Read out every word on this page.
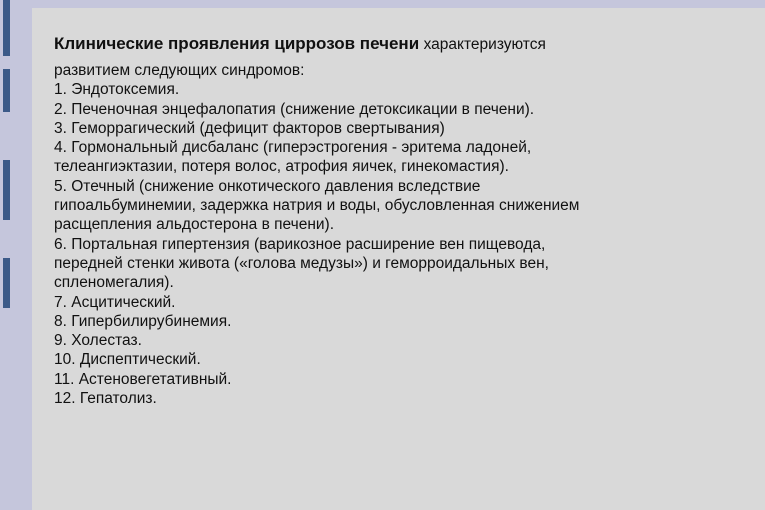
Клинические проявления циррозов печени характеризуются

развитием следующих синдромов:

1. Эндотоксемия.

2. Печеночная энцефалопатия (снижение детоксикации в печени).

3. Геморрагический (дефицит факторов свертывания)

4. Гормональный дисбаланс (гиперэстрогения - эритема ладоней,

телеангиэктазии, потеря волос, атрофия яичек, гинекомастия).

5. Отечный (снижение онкотического давления вследствие

гипоальбуминемии, задержка натрия и воды, обусловленная снижением

расщепления альдостерона в печени).

6. Портальная гипертензия (варикозное расширение вен пищевода,

передней стенки живота («голова медузы») и геморроидальных вен,

спленомегалия).

7. Асцитический.

8. Гипербилирубинемия.

9. Холестаз.

10. Диспептический.

11. Астеновегетативный.

12. Гепатолиз.
